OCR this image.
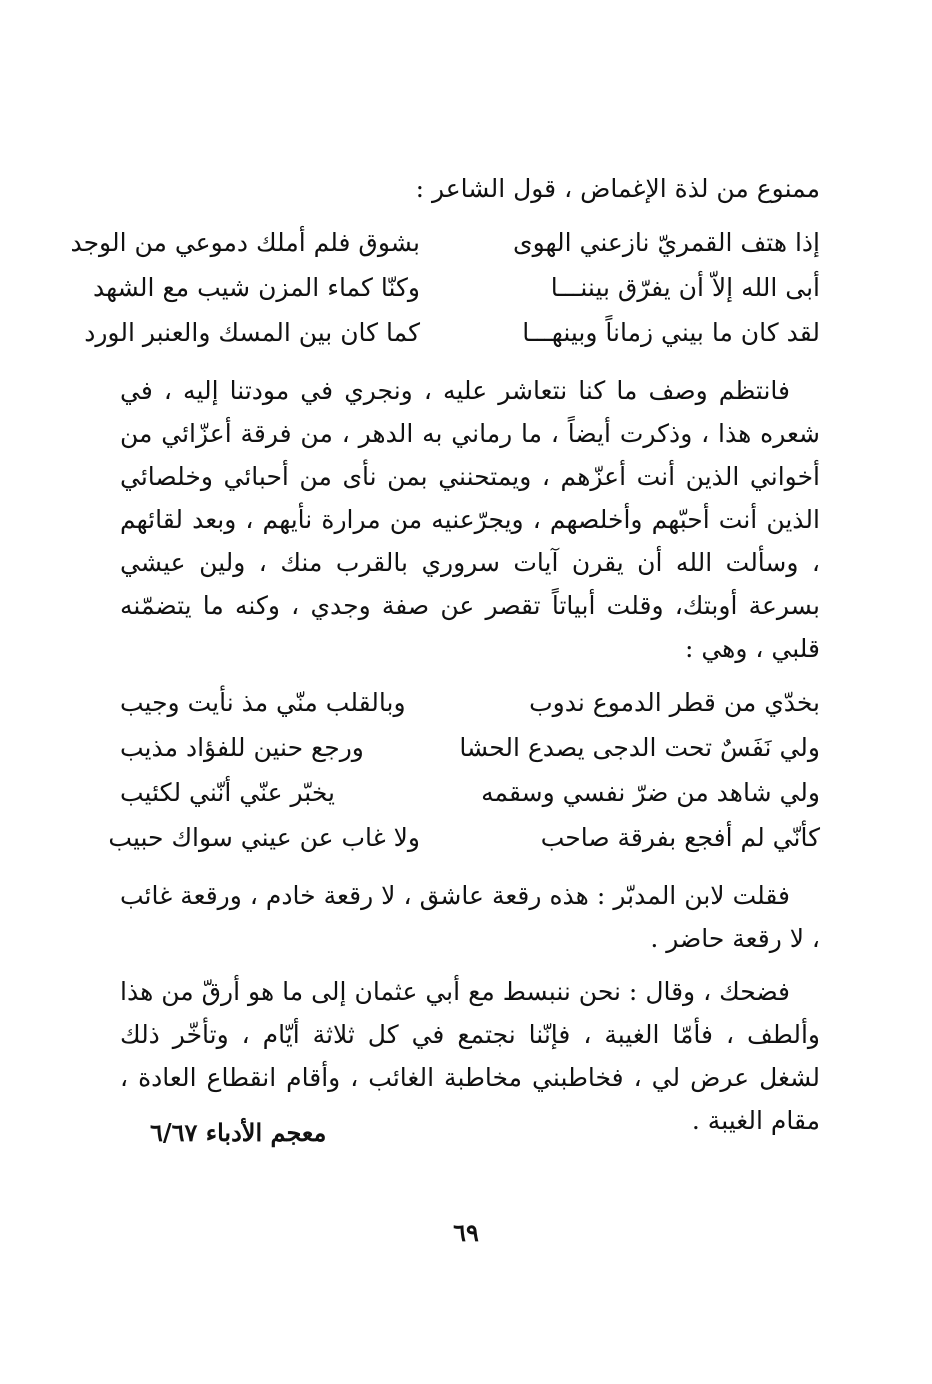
ممنوع من لذة الإغماض ، قول الشاعر :

إذا هتف القمريّ نازعني الهوى
بشوق فلم أملك دموعي من الوجد
أبى الله إلاّ أن يفرّق بيننـــا
وكنّا كماء المزن شيب مع الشهد
لقد كان ما بيني زماناً وبينهـــا
كما كان بين المسك والعنبر الورد

فانتظم وصف ما كنا نتعاشر عليه ، ونجري في مودتنا إليه ، في شعره هذا ، وذكرت أيضاً ، ما رماني به الدهر ، من فرقة أعزّائي من أخواني الذين أنت أعزّهم ، ويمتحنني بمن نأى من أحبائي وخلصائي الذين أنت أحبّهم وأخلصهم ، ويجرّعنيه من مرارة نأيهم ، وبعد لقائهم ، وسألت الله أن يقرن آيات سروري بالقرب منك ، ولين عيشي بسرعة أوبتك، وقلت أبياتاً تقصر عن صفة وجدي ، وكنه ما يتضمّنه قلبي ، وهي :

بخدّي من قطر الدموع ندوب
وبالقلب منّي مذ نأيت وجيب
ولي نَفَسٌ تحت الدجى يصدع الحشا
ورجع حنين للفؤاد مذيب
ولي شاهد من ضرّ نفسي وسقمه
يخبّر عنّي أنّني لكئيب
كأنّي لم أفجع بفرقة صاحب
ولا غاب عن عيني سواك حبيب

فقلت لابن المدبّر : هذه رقعة عاشق ، لا رقعة خادم ، ورقعة غائب ، لا رقعة حاضر .

فضحك ، وقال : نحن ننبسط مع أبي عثمان إلى ما هو أرقّ من هذا وألطف ، فأمّا الغيبة ، فإنّنا نجتمع في كل ثلاثة أيّام ، وتأخّر ذلك لشغل عرض لي ، فخاطبني مخاطبة الغائب ، وأقام انقطاع العادة ، مقام الغيبة .

معجم الأدباء ٦/٦٧
٦٩
